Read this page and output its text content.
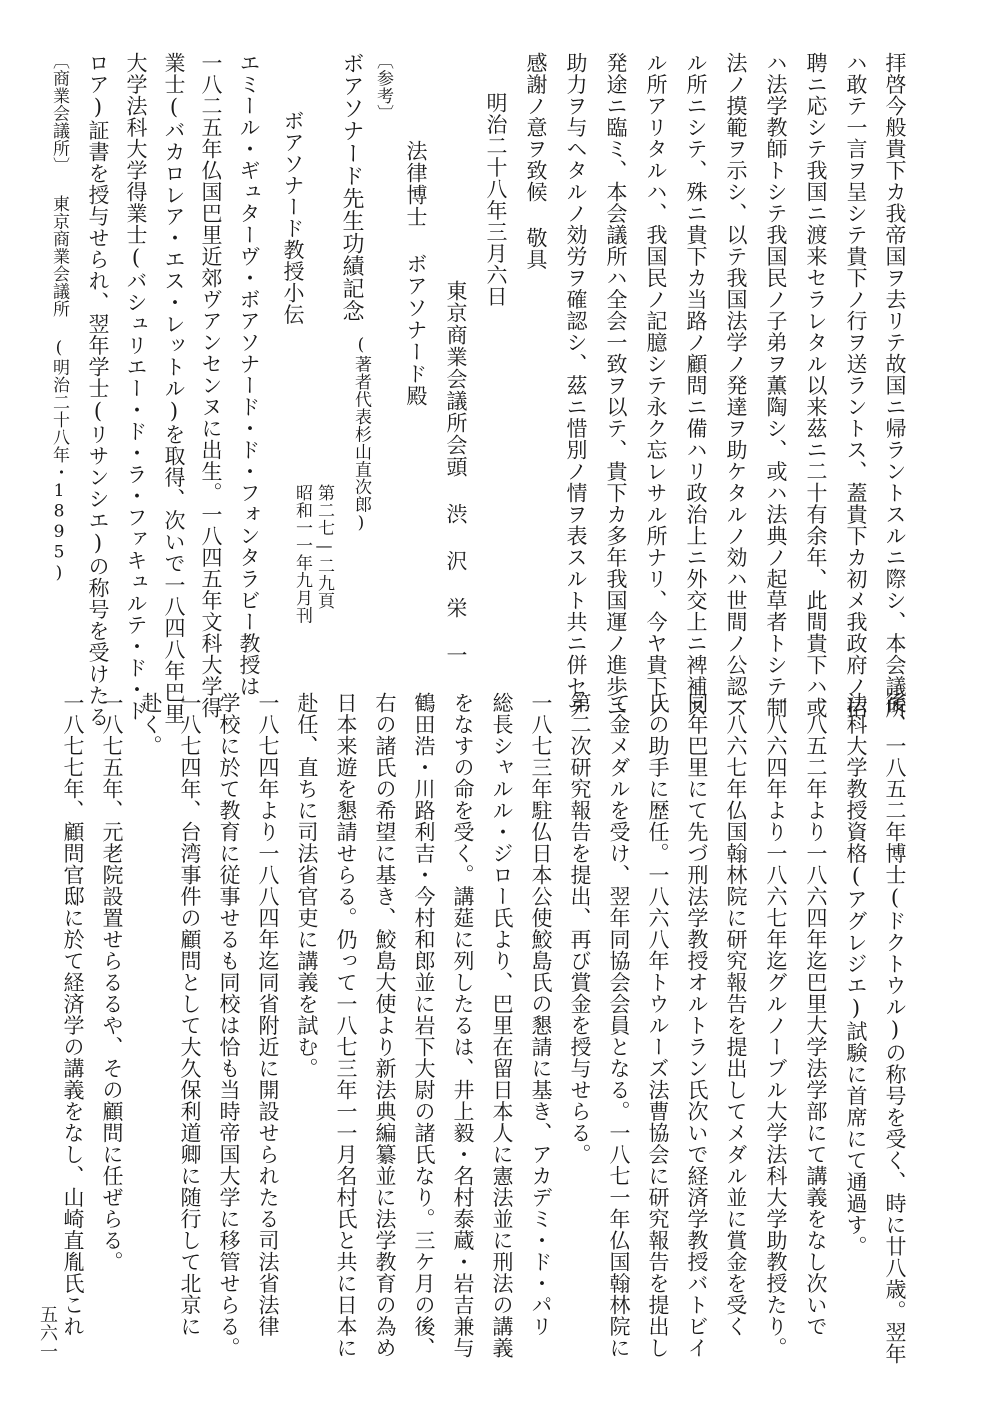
拝啓今般貴下カ我帝国ヲ去リテ故国ニ帰ラントスルニ際シ、本会議所
ハ敢テ一言ヲ呈シテ貴下ノ行ヲ送ラントス、蓋貴下カ初メ我政府ノ招
聘ニ応シテ我国ニ渡来セラレタル以来茲ニ二十有余年、此間貴下ハ或
ハ法学教師トシテ我国民ノ子弟ヲ薫陶シ、或ハ法典ノ起草者トシテ制
法ノ摸範ヲ示シ、以テ我国法学ノ発達ヲ助ケタルノ効ハ世間ノ公認ス
ル所ニシテ、殊ニ貴下カ当路ノ顧問ニ備ハリ政治上ニ外交上ニ裨補ス
ル所アリタルハ、我国民ノ記臆シテ永ク忘レサル所ナリ、今ヤ貴下ノ
発途ニ臨ミ、本会議所ハ全会一致ヲ以テ、貴下カ多年我国運ノ進歩ニ
助力ヲ与ヘタルノ効労ヲ確認シ、茲ニ惜別ノ情ヲ表スルト共ニ併セテ
感謝ノ意ヲ致候 敬具
明治二十八年三月六日
東京商業会議所会頭 渋 沢 栄 一
法律博士 ボアソナード殿
〔参考〕
ボアソナード先生功績記念
(著者代表杉山直次郎)
第二七—二九頁
昭和一一年九月刊
ボアソナード教授小伝
エミール・ギュターヴ・ボアソナード・ド・フォンタラビー教授は
一八二五年仏国巴里近郊ヴアンセンヌに出生。一八四五年文科大学得
業士(バカロレア・エス・レットル)を取得、次いで一八四八年巴里
大学法科大学得業士(バシュリエー・ド・ラ・ファキュルテ・ド・ド
ロア)証書を授与せられ、翌年学士(リサンシエ)の称号を受けたる
〔商業会議所〕 東京商業会議所 (明治二十八年・1895)
後、一八五二年博士(ドクトウル)の称号を受く、時に廿八歳。翌年
法科大学教授資格(アグレジエ)試験に首席にて通過す。
一八五二年より一八六四年迄巴里大学法学部にて講義をなし次いで
一八六四年より一八六七年迄グルノーブル大学法科大学助教授たり。
一八六七年仏国翰林院に研究報告を提出してメダル並に賞金を受く
同年巴里にて先づ刑法学教授オルトラン氏次いで経済学教授バトビイ
氏の助手に歴任。一八六八年トウルーズ法曹協会に研究報告を提出し
て金メダルを受け、翌年同協会会員となる。一八七一年仏国翰林院に
第二次研究報告を提出、再び賞金を授与せらる。
一八七三年駐仏日本公使鮫島氏の懇請に基き、アカデミ・ド・パリ
総長シャルル・ジロー氏より、巴里在留日本人に憲法並に刑法の講義
をなすの命を受く。講莚に列したるは、井上毅・名村泰蔵・岩吉兼与
鶴田浩・川路利吉・今村和郎並に岩下大尉の諸氏なり。三ケ月の後、
右の諸氏の希望に基き、鮫島大使より新法典編纂並に法学教育の為め
日本来遊を懇請せらる。仍って一八七三年一一月名村氏と共に日本に
赴任、直ちに司法省官吏に講義を試む。
一八七四年より一八八四年迄同省附近に開設せられたる司法省法律
学校に於て教育に従事せるも同校は恰も当時帝国大学に移管せらる。
一八七四年、台湾事件の顧問として大久保利道卿に随行して北京に
赴く。
一八七五年、元老院設置せらるるや、その顧問に任ぜらる。
一八七七年、顧問官邸に於て経済学の講義をなし、山崎直胤氏これ
五六一
